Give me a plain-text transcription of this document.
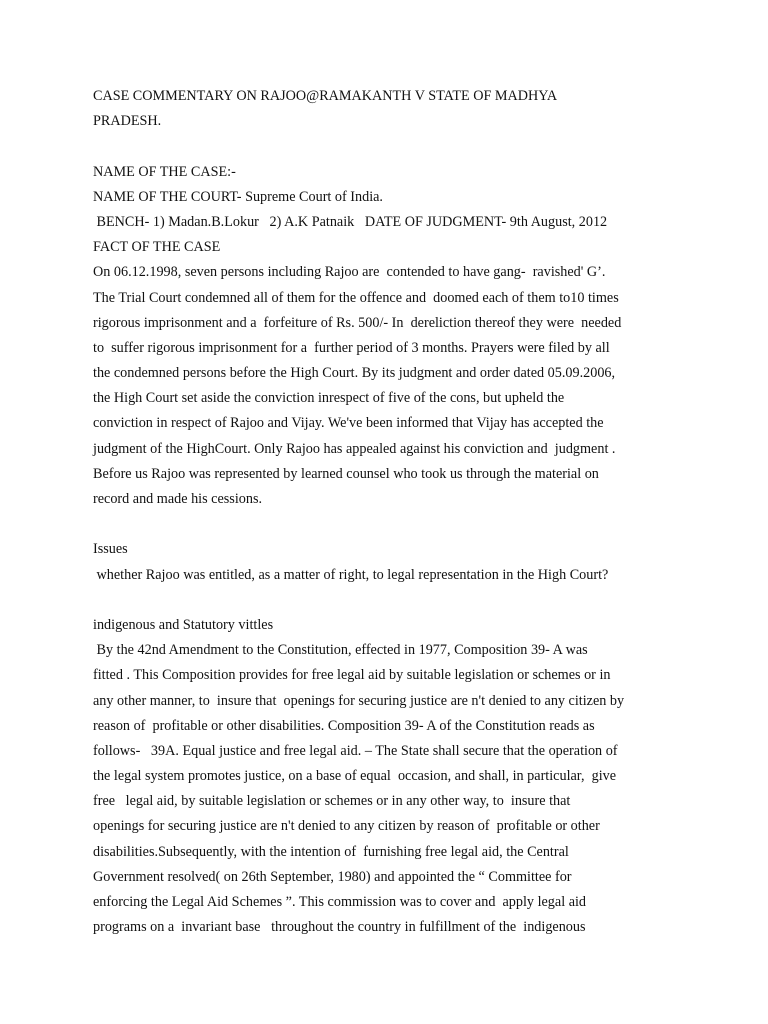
CASE COMMENTARY ON RAJOO@RAMAKANTH V STATE OF MADHYA
PRADESH.
NAME OF THE CASE:-
NAME OF THE COURT- Supreme Court of India.
BENCH- 1) Madan.B.Lokur   2) A.K Patnaik   DATE OF JUDGMENT- 9th August, 2012
FACT OF THE CASE
On 06.12.1998, seven persons including Rajoo are  contended to have gang-  ravished' G’.
The Trial Court condemned all of them for the offence and  doomed each of them to10 times
rigorous imprisonment and a  forfeiture of Rs. 500/- In  dereliction thereof they were  needed
to  suffer rigorous imprisonment for a  further period of 3 months. Prayers were filed by all
the condemned persons before the High Court. By its judgment and order dated 05.09.2006,
the High Court set aside the conviction inrespect of five of the cons, but upheld the
conviction in respect of Rajoo and Vijay. We've been informed that Vijay has accepted the
judgment of the HighCourt. Only Rajoo has appealed against his conviction and  judgment .
Before us Rajoo was represented by learned counsel who took us through the material on
record and made his cessions.
Issues
whether Rajoo was entitled, as a matter of right, to legal representation in the High Court?
indigenous and Statutory vittles
By the 42nd Amendment to the Constitution, effected in 1977, Composition 39- A was
fitted . This Composition provides for free legal aid by suitable legislation or schemes or in
any other manner, to  insure that  openings for securing justice are n't denied to any citizen by
reason of  profitable or other disabilities. Composition 39- A of the Constitution reads as
follows-   39A. Equal justice and free legal aid. – The State shall secure that the operation of
the legal system promotes justice, on a base of equal  occasion, and shall, in particular,  give
free   legal aid, by suitable legislation or schemes or in any other way, to  insure that
openings for securing justice are n't denied to any citizen by reason of  profitable or other
disabilities.Subsequently, with the intention of  furnishing free legal aid, the Central
Government resolved( on 26th September, 1980) and appointed the “ Committee for
enforcing the Legal Aid Schemes ”. This commission was to cover and  apply legal aid
programs on a  invariant base   throughout the country in fulfillment of the  indigenous
